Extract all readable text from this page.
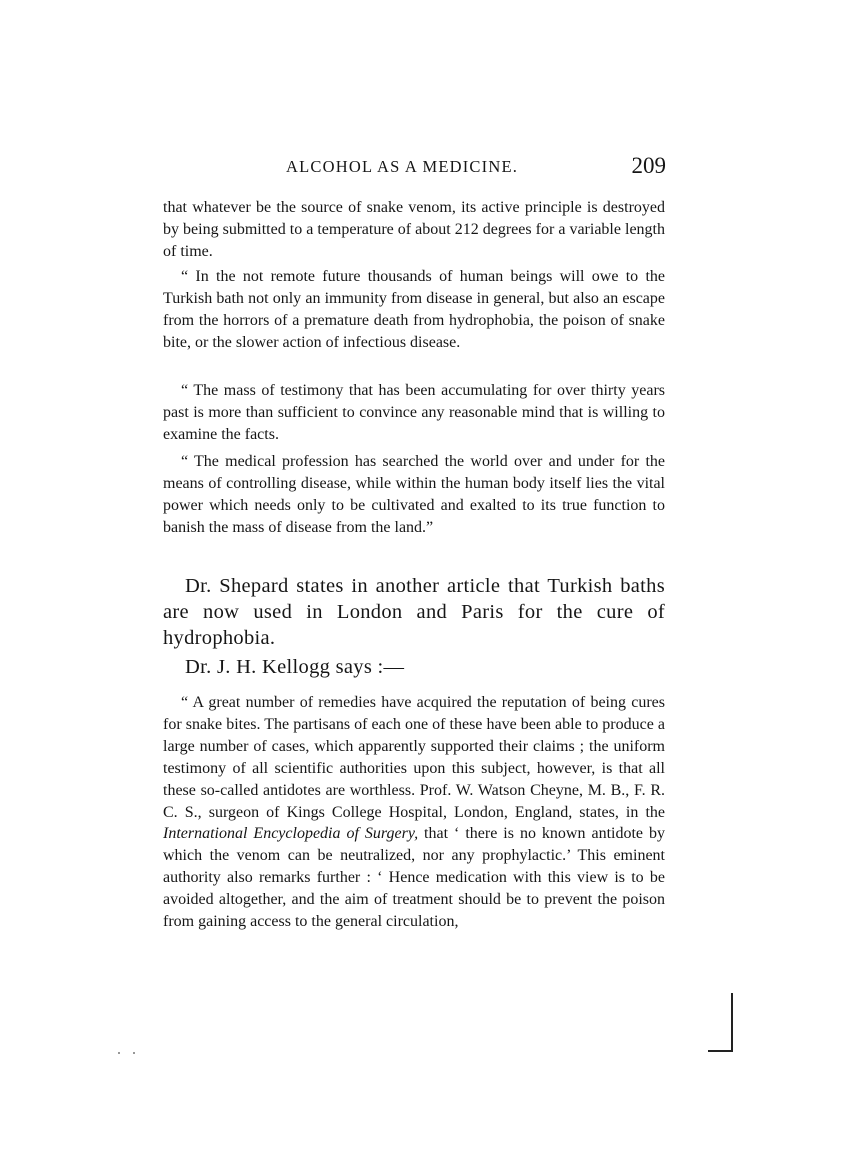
ALCOHOL AS A MEDICINE.	209

that whatever be the source of snake venom, its active principle is destroyed by being submitted to a temperature of about 212 degrees for a variable length of time.

“ In the not remote future thousands of human beings will owe to the Turkish bath not only an immunity from disease in general, but also an escape from the horrors of a premature death from hydrophobia, the poison of snake bite, or the slower action of infectious disease.

“ The mass of testimony that has been accumulating for over thirty years past is more than sufficient to convince any reasonable mind that is willing to examine the facts.

“ The medical profession has searched the world over and under for the means of controlling disease, while within the human body itself lies the vital power which needs only to be cultivated and exalted to its true function to banish the mass of disease from the land.”

Dr. Shepard states in another article that Turkish baths are now used in London and Paris for the cure of hydrophobia.

Dr. J. H. Kellogg says :—

“ A great number of remedies have acquired the reputation of being cures for snake bites. The partisans of each one of these have been able to produce a large number of cases, which apparently supported their claims ; the uniform testimony of all scientific authorities upon this subject, however, is that all these so-called antidotes are worthless. Prof. W. Watson Cheyne, M. B., F. R. C. S., surgeon of Kings College Hospital, London, England, states, in the International Encyclopedia of Surgery, that ‘ there is no known antidote by which the venom can be neutralized, nor any prophylactic.’ This eminent authority also remarks further : ‘ Hence medication with this view is to be avoided altogether, and the aim of treatment should be to prevent the poison from gaining access to the general circulation,
